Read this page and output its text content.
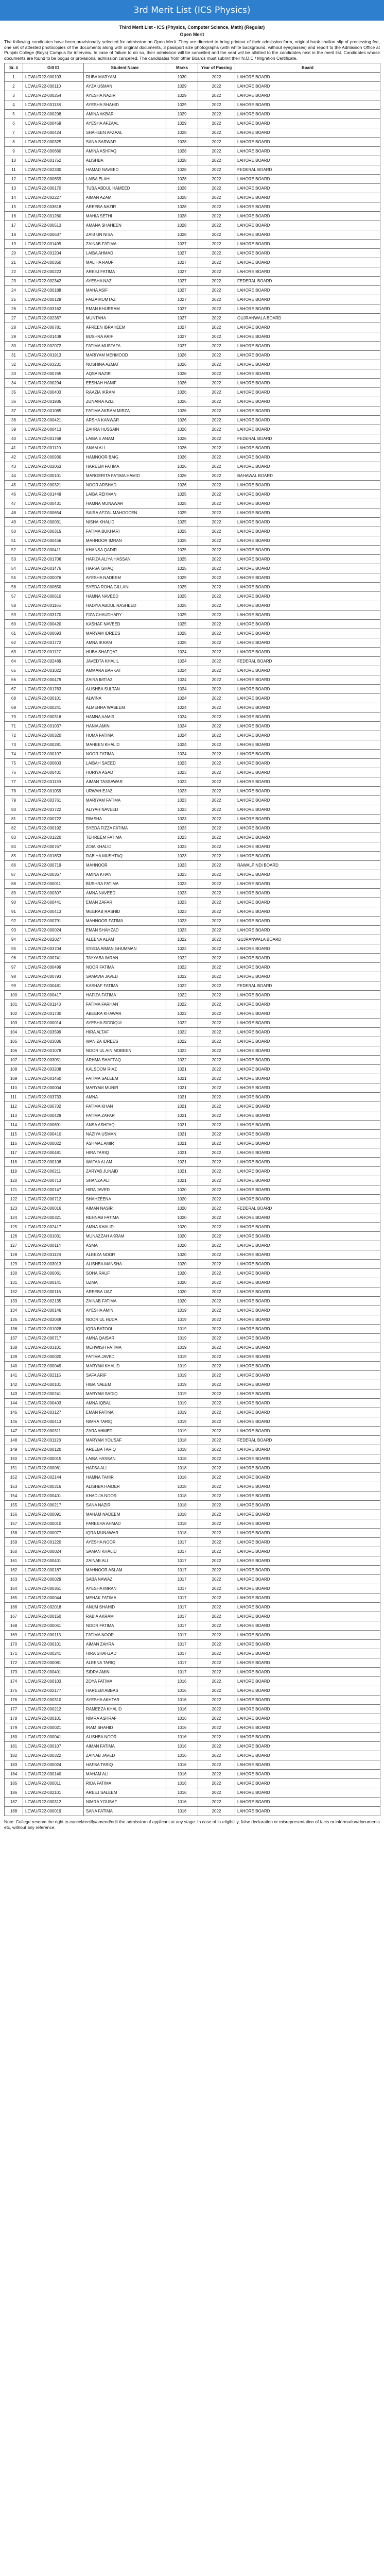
3rd Merit List (ICS Physics)
Third Merit List - ICS (Physics, Computer Science, Math) (Regular)
Open Merit

The following candidates have been provisionally selected for admission on Open Merit. They are directed to bring printout of their admission form, original bank challan slip of processing fee, one set of attested photocopies of the documents along with original documents, 3 passport size photographs (with white background, without eyeglasses) and report to the Admission Office at Punjab College (Boys) Campus for interview. In case of failure to do so, their admission will be cancelled and the seat will be allotted to the candidates next in the merit list. Candidates whose documents are found to be bogus or provisional admission cancelled. The candidates from other Boards must submit their N.O.C / Migration Certificate.

Sr. #	Gill ID	Student Name	Marks	Year of Passing	Board
1	LCWU/R22-000103	RUBA MARYAM	1030	2022	LAHORE BOARD
2	LCWU/R22-000110	AYZA USMAN	1029	2022	LAHORE BOARD
3	LCWU/R22-000254	AYESHA NAZIR	1029	2022	LAHORE BOARD
4	LCWU/R22-001138	AYESHA SHAHID	1029	2022	LAHORE BOARD
5	LCWU/R22-000298	AMINA AKBAR	1029	2022	LAHORE BOARD
6	LCWU/R22-000459	AYESHA AFZAAL	1029	2022	LAHORE BOARD
7	LCWU/R22-000424	SHAHEEN AFZAAL	1028	2022	LAHORE BOARD
8	LCWU/R22-000325	SANA SARWAR	1028	2022	LAHORE BOARD
9	LCWU/R22-000660	AMINA ASHFAQ	1028	2022	LAHORE BOARD
10	LCWU/R22-001752	ALISHBA	1028	2022	LAHORE BOARD
11	LCWU/R22-002330	HAMAD NAVEED	1028	2022	FEDERAL BOARD
12	LCWU/R22-000859	LAIBA ELAHI	1028	2022	LAHORE BOARD
13	LCWU/R22-000170	TUBA ABDUL HAMEED	1028	2022	LAHORE BOARD
14	LCWU/R22-002227	AIMAN AZAM	1028	2022	LAHORE BOARD
15	LCWU/R22-003618	AREEBA NAZIR	1028	2022	LAHORE BOARD
16	LCWU/R22-001260	MAHIA SETHI	1028	2022	LAHORE BOARD
17	LCWU/R22-000513	AMANA SHAHEEN	1028	2022	LAHORE BOARD
18	LCWU/R22-000637	ZAIB UN NISA	1028	2022	LAHORE BOARD
19	LCWU/R22-001499	ZAINAB FATIMA	1027	2022	LAHORE BOARD
20	LCWU/R22-001204	LAIBA AHMAD	1027	2022	LAHORE BOARD
21	LCWU/R22-000350	MALIHA RAUF	1027	2022	LAHORE BOARD
22	LCWU/R22-000223	AREEJ FATIMA	1027	2022	LAHORE BOARD
23	LCWU/R22-002342	AYESHA NAZ	1027	2022	FEDERAL BOARD
24	LCWU/R22-000188	MAHA ASIF	1027	2022	LAHORE BOARD
25	LCWU/R22-000128	FAIZA MUMTAZ	1027	2022	LAHORE BOARD
26	LCWU/R22-003162	EMAN KHURRAM	1027	2022	LAHORE BOARD
27	LCWU/R22-002367	MUNTAHA	1027	2022	GUJRANWALA BOARD
28	LCWU/R22-000781	AFREEN IBRAHEEM	1027	2022	LAHORE BOARD
29	LCWU/R22-001408	BUSHRA ARIF	1027	2022	LAHORE BOARD
30	LCWU/R22-002072	FATIMA MUSTAFA	1027	2022	LAHORE BOARD
31	LCWU/R22-001913	MARIYAM MEHMOOD	1026	2022	LAHORE BOARD
32	LCWU/R22-003231	NOSHINA AZMAT	1026	2022	LAHORE BOARD
33	LCWU/R22-000765	AQSA NAZIR	1026	2022	LAHORE BOARD
34	LCWU/R22-000294	EESHAH HANIF	1026	2022	LAHORE BOARD
35	LCWU/R22-000403	RAAZIA IKRAM	1026	2022	LAHORE BOARD
36	LCWU/R22-001935	ZUNAIRA AZIZ	1026	2022	LAHORE BOARD
37	LCWU/R22-001085	FATIMA AKRAM MIRZA	1026	2022	LAHORE BOARD
38	LCWU/R22-000421	ARSHA KANWAR	1026	2022	LAHORE BOARD
39	LCWU/R22-000413	ZAHRA HUSSAIN	1026	2022	LAHORE BOARD
40	LCWU/R22-001768	LAIBA E ANAM	1026	2022	FEDERAL BOARD
41	LCWU/R22-001120	ANAM ALI	1026	2022	LAHORE BOARD
42	LCWU/R22-000930	HAMNOOR BAIG	1026	2022	LAHORE BOARD
43	LCWU/R22-002063	HAREEM FATIMA	1026	2022	LAHORE BOARD
44	LCWU/R22-000101	MARGERITA FATIMA HAMID	1026	2022	BAHAWAL BOARD
45	LCWU/R22-000321	NOOR ARSHAD	1026	2022	LAHORE BOARD
46	LCWU/R22-001449	LAIBA REHMAN	1025	2022	LAHORE BOARD
47	LCWU/R22-000431	HAMNA MUNAWAR	1025	2022	LAHORE BOARD
48	LCWU/R22-000654	SAIRA AFZAL MAHOOCEN	1025	2022	LAHORE BOARD
49	LCWU/R22-000031	NISHA KHALID	1025	2022	LAHORE BOARD
50	LCWU/R22-000315	FATIMA BUKHARI	1025	2022	LAHORE BOARD
51	LCWU/R22-000456	MAHNOOR IMRAN	1025	2022	LAHORE BOARD
52	LCWU/R22-000411	KHANSA QADIR	1025	2022	LAHORE BOARD
53	LCWU/R22-001706	HAFIZA ALIYA HASSAN	1025	2022	LAHORE BOARD
54	LCWU/R22-001476	HAFSA ISHAQ	1025	2022	LAHORE BOARD
55	LCWU/R22-000076	AYESHA NADEEM	1025	2022	LAHORE BOARD
56	LCWU/R22-000650	SYEDA ROHA GILLANI	1025	2022	LAHORE BOARD
57	LCWU/R22-000610	HAMNA NAVEED	1025	2022	LAHORE BOARD
58	LCWU/R22-001165	HADIYA ABDUL RASHEED	1025	2022	LAHORE BOARD
59	LCWU/R22-003170	FIZA CHAUDHARY	1025	2022	LAHORE BOARD
60	LCWU/R22-000420	KASHAF NAVEED	1025	2022	LAHORE BOARD
61	LCWU/R22-000693	MARYAM IDREES	1025	2022	LAHORE BOARD
62	LCWU/R22-001772	AMNA IKRAM	1025	2022	LAHORE BOARD
63	LCWU/R22-001127	HUBA SHAFQAT	1024	2022	LAHORE BOARD
64	LCWU/R22-002489	JAVEDTA KHALIL	1024	2022	FEDERAL BOARD
65	LCWU/R22-001022	AMMARA BARKAT	1024	2022	LAHORE BOARD
66	LCWU/R22-000479	ZAIRA IMTIAZ	1024	2022	LAHORE BOARD
67	LCWU/R22-001763	ALISHBA SULTAN	1024	2022	LAHORE BOARD
68	LCWU/R22-000101	ALWINA	1024	2022	LAHORE BOARD
69	LCWU/R22-000241	ALMEHRA WASEEM	1024	2022	LAHORE BOARD
70	LCWU/R22-000316	HAMNA AAMIR	1024	2022	LAHORE BOARD
71	LCWU/R22-001037	HANIA AMIN	1024	2022	LAHORE BOARD
72	LCWU/R22-000320	HUMA FATIMA	1024	2022	LAHORE BOARD
73	LCWU/R22-000281	MAHEEN KHALID	1024	2022	LAHORE BOARD
74	LCWU/R22-000107	NOOR FATIMA	1024	2022	LAHORE BOARD
75	LCWU/R22-000803	LAIBAH SAEED	1023	2022	LAHORE BOARD
76	LCWU/R22-000401	HURIYA ASAD	1023	2022	LAHORE BOARD
77	LCWU/R22-001139	AIMAN TASSAWAR	1023	2022	LAHORE BOARD
78	LCWU/R22-001059	URWAH EJAZ	1023	2022	LAHORE BOARD
79	LCWU/R22-003761	MARIYAM FATIMA	1023	2022	LAHORE BOARD
80	LCWU/R22-003722	ALIYAH NAVEED	1023	2022	LAHORE BOARD
81	LCWU/R22-000722	RIMSHA	1023	2022	LAHORE BOARD
82	LCWU/R22-000192	SYEDA FIZZA FATIMA	1023	2022	LAHORE BOARD
83	LCWU/R22-001220	TEHREEM FATIMA	1023	2022	LAHORE BOARD
84	LCWU/R22-000767	ZOIA KHALID	1023	2022	LAHORE BOARD
85	LCWU/R22-001853	RABIHA MUSHTAQ	1023	2022	LAHORE BOARD
86	LCWU/R22-000719	MAHNOOR	1023	2022	RAWALPINDI BOARD
87	LCWU/R22-000367	AMINA KHAN	1023	2022	LAHORE BOARD
88	LCWU/R22-000011	BUSHRA FATIMA	1023	2022	LAHORE BOARD
89	LCWU/R22-000307	AMNA NAVEED	1023	2022	LAHORE BOARD
90	LCWU/R22-000441	EMAN ZAFAR	1023	2022	LAHORE BOARD
91	LCWU/R22-000413	MEERAB RASHID	1023	2022	LAHORE BOARD
92	LCWU/R22-000791	MAHNOOR FATIMA	1023	2022	LAHORE BOARD
93	LCWU/R22-000024	EMAN SHAHZAD	1023	2022	LAHORE BOARD
94	LCWU/R22-002027	ALEENA ALAM	1022	2022	GUJRANWALA BOARD
95	LCWU/R22-003704	SYEDA AIMAN GHUMMAN	1022	2022	LAHORE BOARD
96	LCWU/R22-000741	TAYYABA IMRAN	1022	2022	LAHORE BOARD
97	LCWU/R22-000499	NOOR FATIMA	1022	2022	LAHORE BOARD
98	LCWU/R22-000793	SAMAVIA JAVED	1022	2022	LAHORE BOARD
99	LCWU/R22-000481	KASHAF FATIMA	1022	2022	FEDERAL BOARD
100	LCWU/R22-000417	HAFIZA FATIMA	1022	2022	LAHORE BOARD
101	LCWU/R22-001143	FATIMA FARHAN	1022	2022	LAHORE BOARD
102	LCWU/R22-001730	ABEERA KHAWAR	1022	2022	LAHORE BOARD
103	LCWU/R22-000014	AYESHA SIDDIQUI	1022	2022	LAHORE BOARD
104	LCWU/R22-003599	HIRA ALTAF	1022	2022	LAHORE BOARD
105	LCWU/R22-003036	WANIZA IDREES	1022	2022	LAHORE BOARD
106	LCWU/R22-001078	NOOR UL AIN MOBEEN	1022	2022	LAHORE BOARD
107	LCWU/R22-003051	ARHMA SHAFFAQ	1022	2022	LAHORE BOARD
108	LCWU/R22-003208	KALSOOM RIAZ	1021	2022	LAHORE BOARD
109	LCWU/R22-001460	FATIMA SALEEM	1021	2022	LAHORE BOARD
110	LCWU/R22-000004	MARYAM MUNIR	1021	2022	LAHORE BOARD
111	LCWU/R22-003733	AMNA	1021	2022	LAHORE BOARD
112	LCWU/R22-000702	FATIMA KHAN	1021	2022	LAHORE BOARD
113	LCWU/R22-000429	FATIMA ZAFAR	1021	2022	LAHORE BOARD
114	LCWU/R22-000691	ANSA ASHFAQ	1021	2022	LAHORE BOARD
115	LCWU/R22-000410	NAZIYA USMAN	1021	2022	LAHORE BOARD
116	LCWU/R22-000022	ASHMAL AMIR	1021	2022	LAHORE BOARD
117	LCWU/R22-000481	HIRA TARIQ	1021	2022	LAHORE BOARD
118	LCWU/R22-000108	WAFAA ALAM	1021	2022	LAHORE BOARD
119	LCWU/R22-000211	ZARYAB JUNAID	1021	2022	LAHORE BOARD
120	LCWU/R22-000713	SHANZA ALI	1021	2022	LAHORE BOARD
121	LCWU/R22-000147	HIRA JAVED	1020	2022	LAHORE BOARD
122	LCWU/R22-000712	SHAHZEENA	1020	2022	LAHORE BOARD
123	LCWU/R22-000016	AIMAN NASIR	1020	2022	FEDERAL BOARD
124	LCWU/R22-000321	REHNAB FATIMA	1020	2022	LAHORE BOARD
125	LCWU/R22-002417	AMNA KHALID	1020	2022	LAHORE BOARD
126	LCWU/R22-001031	MUNAZZAH AKRAM	1020	2022	LAHORE BOARD
127	LCWU/R22-000114	ASMA	1020	2022	LAHORE BOARD
128	LCWU/R22-001128	ALEEZA NOOR	1020	2022	LAHORE BOARD
129	LCWU/R22-003013	ALISHBA MANSHA	1020	2022	LAHORE BOARD
130	LCWU/R22-000061	SOHA RAUF	1020	2022	LAHORE BOARD
131	LCWU/R22-000141	UZMA	1020	2022	LAHORE BOARD
132	LCWU/R22-000116	AREEBA IJAZ	1020	2022	LAHORE BOARD
133	LCWU/R22-002135	ZAINAB FATIMA	1020	2022	LAHORE BOARD
134	LCWU/R22-000146	AYESHA AMIN	1019	2022	LAHORE BOARD
135	LCWU/R22-002049	NOOR UL HUDA	1019	2022	LAHORE BOARD
136	LCWU/R22-001028	IQRA BATOOL	1019	2022	LAHORE BOARD
137	LCWU/R22-000717	AMNA QAISAR	1019	2022	LAHORE BOARD
138	LCWU/R22-003101	MEHWISH FATIMA	1019	2022	LAHORE BOARD
139	LCWU/R22-000020	FATIMA JAVED	1019	2022	LAHORE BOARD
140	LCWU/R22-000049	MARYAM KHALID	1019	2022	LAHORE BOARD
141	LCWU/R22-002115	SAFA ARIF	1019	2022	LAHORE BOARD
142	LCWU/R22-000101	HIBA NAEEM	1019	2022	LAHORE BOARD
143	LCWU/R22-000241	MARYAM SADIQ	1019	2022	LAHORE BOARD
144	LCWU/R22-000403	AMNA IQBAL	1019	2022	LAHORE BOARD
145	LCWU/R22-003127	EMAN FATIMA	1019	2022	LAHORE BOARD
146	LCWU/R22-000413	NIMRA TARIQ	1019	2022	LAHORE BOARD
147	LCWU/R22-000311	ZARA AHMED	1019	2022	LAHORE BOARD
148	LCWU/R22-001128	MARYAM YOUSAF	1018	2022	FEDERAL BOARD
149	LCWU/R22-000120	AREEBA TARIQ	1018	2022	LAHORE BOARD
150	LCWU/R22-000015	LAIBA HASSAN	1018	2022	LAHORE BOARD
151	LCWU/R22-000061	HAFSA ALI	1018	2022	LAHORE BOARD
152	LCWU/R22-002144	HAMNA TAHIR	1018	2022	LAHORE BOARD
153	LCWU/R22-000316	ALISHBA HAIDER	1018	2022	LAHORE BOARD
154	LCWU/R22-000401	KHADIJA NOOR	1018	2022	LAHORE BOARD
155	LCWU/R22-000217	SANA NAZIR	1018	2022	LAHORE BOARD
156	LCWU/R22-000091	MAHAM NADEEM	1018	2022	LAHORE BOARD
157	LCWU/R22-000010	FAREEHA AHMAD	1018	2022	LAHORE BOARD
158	LCWU/R22-000077	IQRA MUNAWAR	1018	2022	LAHORE BOARD
159	LCWU/R22-001220	AYESHA NOOR	1017	2022	LAHORE BOARD
160	LCWU/R22-000024	SAMAN KHALID	1017	2022	LAHORE BOARD
161	LCWU/R22-000401	ZAINAB ALI	1017	2022	LAHORE BOARD
162	LCWU/R22-000187	MAHNOOR ASLAM	1017	2022	LAHORE BOARD
163	LCWU/R22-000029	SABA NAWAZ	1017	2022	LAHORE BOARD
164	LCWU/R22-000361	AYESHA IMRAN	1017	2022	LAHORE BOARD
165	LCWU/R22-000044	MEHAK FATIMA	1017	2022	LAHORE BOARD
166	LCWU/R22-002018	ANUM SHAHID	1017	2022	LAHORE BOARD
167	LCWU/R22-000150	RABIA AKRAM	1017	2022	LAHORE BOARD
168	LCWU/R22-000041	NOOR FATIMA	1017	2022	LAHORE BOARD
169	LCWU/R22-000113	FATIMA NOOR	1017	2022	LAHORE BOARD
170	LCWU/R22-000101	AIMAN ZAHRA	1017	2022	LAHORE BOARD
171	LCWU/R22-000241	HIRA SHAHZAD	1017	2022	LAHORE BOARD
172	LCWU/R22-000081	ALEENA TARIQ	1017	2022	LAHORE BOARD
173	LCWU/R22-000401	SIDRA AMIN	1017	2022	LAHORE BOARD
174	LCWU/R22-000103	ZOYA FATIMA	1016	2022	LAHORE BOARD
175	LCWU/R22-002177	HAREEM ABBAS	1016	2022	LAHORE BOARD
176	LCWU/R22-000310	AYESHA AKHTAR	1016	2022	LAHORE BOARD
177	LCWU/R22-000212	RAMEEZA KHALID	1016	2022	LAHORE BOARD
178	LCWU/R22-000101	NIMRA ASHRAF	1016	2022	LAHORE BOARD
179	LCWU/R22-000021	IRAM SHAHID	1016	2022	LAHORE BOARD
180	LCWU/R22-000041	ALISHBA NOOR	1016	2022	LAHORE BOARD
181	LCWU/R22-000107	AIMAN FATIMA	1016	2022	LAHORE BOARD
182	LCWU/R22-000322	ZAINAB JAVED	1016	2022	LAHORE BOARD
183	LCWU/R22-000024	HAFSA TARIQ	1016	2022	LAHORE BOARD
184	LCWU/R22-000140	MAHAM ALI	1016	2022	LAHORE BOARD
185	LCWU/R22-000011	RIDA FATIMA	1016	2022	LAHORE BOARD
186	LCWU/R22-002101	AREEJ SALEEM	1016	2022	LAHORE BOARD
187	LCWU/R22-000312	NIMRA YOUSAF	1016	2022	LAHORE BOARD
188	LCWU/R22-000019	SANA FATIMA	1016	2022	LAHORE BOARD

Note: College reserve the right to cancel/rectify/amend/edit the admission of applicant at any stage. In case of in-eligibility, false declaration or misrepresentation of facts or information/documents etc, without any reference.
